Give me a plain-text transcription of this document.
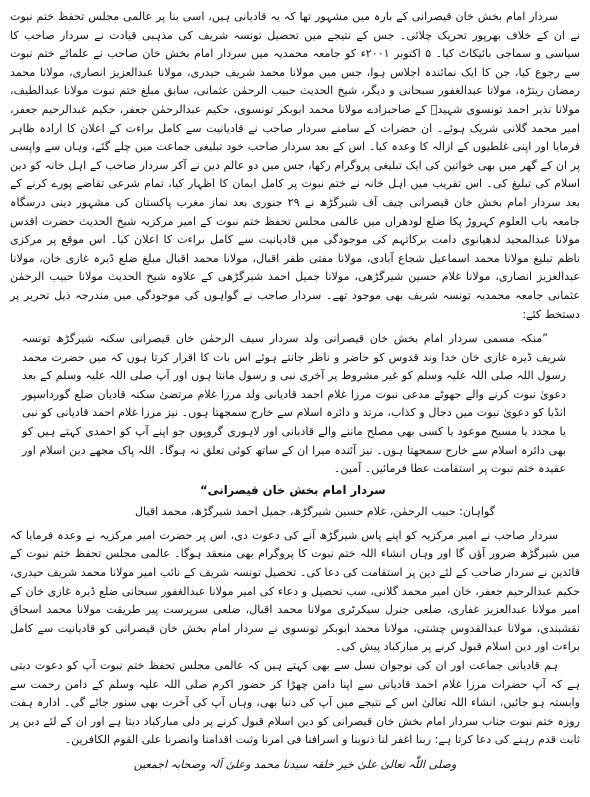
سردار امام بخش خان قیصرانی کے بارہ میں مشہور تھا کہ یہ قادیانی ہیں، اسی بنا پر عالمی مجلس تحفظ ختم نبوت نے ان کے خلاف بھرپور تحریک چلائی۔ جس کے نتیجے میں تحصیل تونسہ شریف کی مذہبی قیادت نے سردار صاحب کا سیاسی و سماجی بائیکاٹ کیا۔ ۵ اکتوبر ۲۰۰۱ء کو جامعہ محمدیہ میں سردار امام بخش خان صاحب نے علمائے ختم نبوت سے رجوع کیا، جن کا ایک نمائندہ اجلاس ہوا، جس میں مولانا محمد شریف حیدری، مولانا عبدالعزیز انصاری، مولانا محمد رمضان ریتڑہ، مولانا عبدالغفور سبحانی و دیگر، شیخ الحدیث حبیب الرحمٰن عثمانی، سابق مبلغ ختم نبوت مولانا عبدالطیف، مولانا نذیر احمد تونسوی شہیدؒ کے صاحبزادے مولانا محمد ابوبکر تونسوی، حکیم عبدالرحمٰن جعفر، حکیم عبدالرحیم جعفر، امیر محمد گلانی شریک ہوئے۔ ان حضرات کے سامنے سردار صاحب نے قادیانیت سے کامل براءت کے اعلان کا ارادہ ظاہر فرمایا اور اپنی غلطیوں کے ازالہ کا وعدہ کیا۔ اس کے بعد سردار صاحب خود تبلیغی جماعت میں چلے گئے، وہاں سے واپسی پر ان کے گھر میں بھی خواتین کی ایک تبلیغی پروگرام رکھا، جس میں دو عالم دین نے آکر سردار صاحب کے اہل خانہ کو دین اسلام کی تبلیغ کی۔ اس تقریب میں اہل خانہ نے ختم نبوت پر کامل ایمان کا اظہار کیا، تمام شرعی تقاضے پورے کرنے کے بعد سردار امام بخش خان قیصرانی چیف آف شیرگڑھ نے ۲۹ جنوری بعد نماز مغرب پاکستان کی مشہور دینی درسگاہ جامعہ باب العلوم کہروڑ پکا ضلع لودھراں میں عالمی مجلس تحفظ ختم نبوت کے امیر مرکزیہ شیخ الحدیث حضرت اقدس مولانا عبدالمجید لدھیانوی دامت برکاتہم کی موجودگی میں قادیانیت سے کامل براءت کا اعلان کیا۔ اس موقع پر مرکزی ناظم تبلیغ مولانا محمد اسماعیل شجاع آبادی، مولانا مفتی ظفر اقبال، مولانا محمد اقبال مبلغ ضلع ڈیرہ غازی خان، مولانا عبدالعزیز انصاری، مولانا غلام حسین شیرگڑھی، مولانا جمیل احمد شیرگڑھی کے علاوہ شیخ الحدیث مولانا حبیب الرحمٰن عثمانی جامعہ محمدیہ تونسہ شریف بھی موجود تھے۔ سردار صاحب نے گواہوں کی موجودگی میں مندرجہ ذیل تحریر پر دستخط کئے:

”منکہ مسمی سردار امام بخش خان قیصرانی ولد سردار سیف الرحمٰن خان قیصرانی سکنہ شیرگڑھ تونسہ شریف ڈیرہ غازی خان خدا وند قدوس کو حاضر و ناظر جانتے ہوئے اس بات کا اقرار کرتا ہوں کہ میں حضرت محمد رسول اللہ صلی اللہ علیہ وسلم کو غیر مشروط پر آخری نبی و رسول مانتا ہوں اور آپ صلی اللہ علیہ وسلم کے بعد دعویٰ نبوت کرنے والے جھوٹے مدعی نبوت مرزا غلام احمد قادیانی ولد مرزا غلام مرتضیٰ سکنہ قادیان ضلع گورداسپور انڈیا کو دعویٰ نبوت میں دجال و کذاب، مرتد و دائرہ اسلام سے خارج سمجھتا ہوں۔ نیز مرزا غلام احمد قادیانی کو نبی یا مجدد یا مسیح موعود یا کسی بھی مصلح ماننے والے قادیانی اور لاہوری گروپوں جو اپنے آپ کو احمدی کہتے ہیں کو بھی دائرہ اسلام سے خارج سمجھتا ہوں۔ نیز آئندہ میرا ان کے ساتھ کوئی تعلق نہ ہوگا۔ اللہ پاک مجھے دین اسلام اور عقیدہ ختم نبوت پر استقامت عطا فرمائیں۔ آمین۔

سردار امام بخش خان قیصرانی“

گواہان: حبیب الرحمٰن، غلام حسین شیرگڑھ، جمیل احمد شیرگڑھ، محمد اقبال

سردار صاحب نے امیر مرکزیہ کو اپنے پاس شیرگڑھ آنے کی دعوت دی، اس پر حضرت امیر مرکزیہ نے وعدہ فرمایا کہ میں شیرگڑھ ضرور آؤں گا اور وہاں انشاء اللہ ختم نبوت کا پروگرام بھی منعقد ہوگا۔ عالمی مجلس تحفظ ختم نبوت کے قائدین نے سردار صاحب کے لئے دین پر استقامت کی دعا کی۔ تحصیل تونسہ شریف کے نائب امیر مولانا محمد شریف حیدری، حکیم عبدالرحیم جعفر، خان امیر محمد گلانی، سب تحصیل و دعاء کی امیر مولانا عبدالغفور سبحانی ضلع ڈیرہ غازی خان کے امیر مولانا عبدالعزیز غفاری، ضلعی جنرل سیکرٹری مولانا محمد اقبال، ضلعی سرپرست پیر طریقت مولانا محمد اسحاق نقشبندی، مولانا عبدالقدوس چشتی، مولانا محمد ابوبکر تونسوی نے سردار امام بخش خان قیصرانی کو قادیانیت سے کامل براءت اور دین اسلام قبول کرنے پر مبارکباد پیش کی۔

ہم قادیانی جماعت اور ان کی نوجوان نسل سے بھی کہتے ہیں کہ عالمی مجلس تحفظ ختم نبوت آپ کو دعوت دیتی ہے کہ آپ حضرات مرزا غلام احمد قادیانی سے اپنا دامن چھڑا کر حضور اکرم صلی اللہ علیہ وسلم کے دامن رحمت سے وابستہ ہو جائیں، انشاء اللہ تعالیٰ اس کے نتیجے میں آپ کی دنیا بھی، وہاں آپ کی آخرت بھی سنور جائے گی۔ ادارہ ہفت روزہ ختم نبوت جناب سردار امام بخش خان قیصرانی کو دین اسلام قبول کرنے پر دلی مبارکباد دیتا ہے اور ان کے لئے دین پر ثابت قدم رہنے کی دعا کرتا ہے: ربنا اغفر لنا ذنوبنا و اسرافنا فی امرنا وثبت اقدامنا وانصرنا علی القوم الکافرین۔

وصلی اللّٰہ تعالیٰ علیٰ خیر خلقہ سیدنا محمد وعلیٰ آلہ وصحابہ اجمعین
